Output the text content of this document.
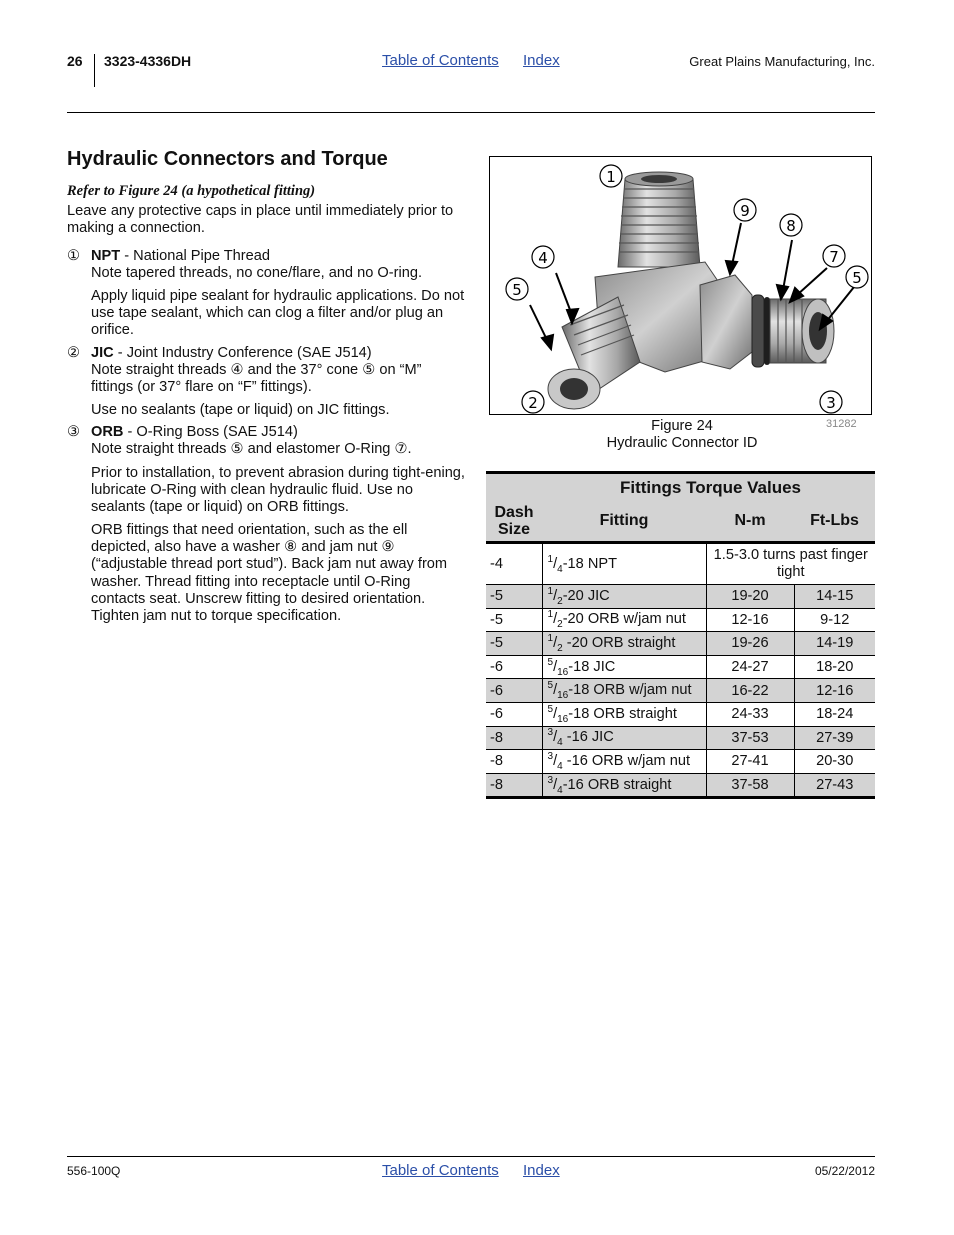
26 3323-4336DH	Table of Contents Index	Great Plains Manufacturing, Inc.
Hydraulic Connectors and Torque
Refer to Figure 24 (a hypothetical fitting)
Leave any protective caps in place until immediately prior to making a connection.
① NPT - National Pipe Thread
Note tapered threads, no cone/flare, and no O-ring.
Apply liquid pipe sealant for hydraulic applications. Do not use tape sealant, which can clog a filter and/or plug an orifice.
② JIC - Joint Industry Conference (SAE J514)
Note straight threads ④ and the 37° cone ⑤ on “M” fittings (or 37° flare on “F” fittings).
Use no sealants (tape or liquid) on JIC fittings.
③ ORB - O-Ring Boss (SAE J514)
Note straight threads ⑤ and elastomer O-Ring ⑦.
Prior to installation, to prevent abrasion during tight-ening, lubricate O-Ring with clean hydraulic fluid. Use no sealants (tape or liquid) on ORB fittings.
ORB fittings that need orientation, such as the ell depicted, also have a washer ⑧ and jam nut ⑨ (“adjustable thread port stud”). Back jam nut away from washer. Thread fitting into receptacle until O-Ring contacts seat. Unscrew fitting to desired orientation. Tighten jam nut to torque specification.
1
2	3
4
5
5
7
8
9
Figure 24
Hydraulic Connector ID
31282
Fittings Torque Values			

Dash
Size	Fitting	N-m	Ft-Lbs
-4	$^1/_4-18$ NPT	1.5-3.0 turns past finger tight	
-5	$^1/_2-20$ JIC	19-20	14-15
-5	$^1/_2-20$ ORB w/jam nut	12-16	9-12
-5	$^1/_2$ -20 ORB straight	19-26	14-19
-6	$^5/_{16}-18$ JIC	24-27	18-20
-6	$^5/_{16}-18$ ORB w/jam nut	16-22	12-16
-6	$^5/_{16}-18$ ORB straight	24-33	18-24
-8	$^3/_4$ -16 JIC	37-53	27-39
-8	$^3/_4$ -16 ORB w/jam nut	27-41	20-30
-8	$^3/_4-16$ ORB straight	37-58	27-43
556-100Q	Table of Contents Index	05/22/2012
